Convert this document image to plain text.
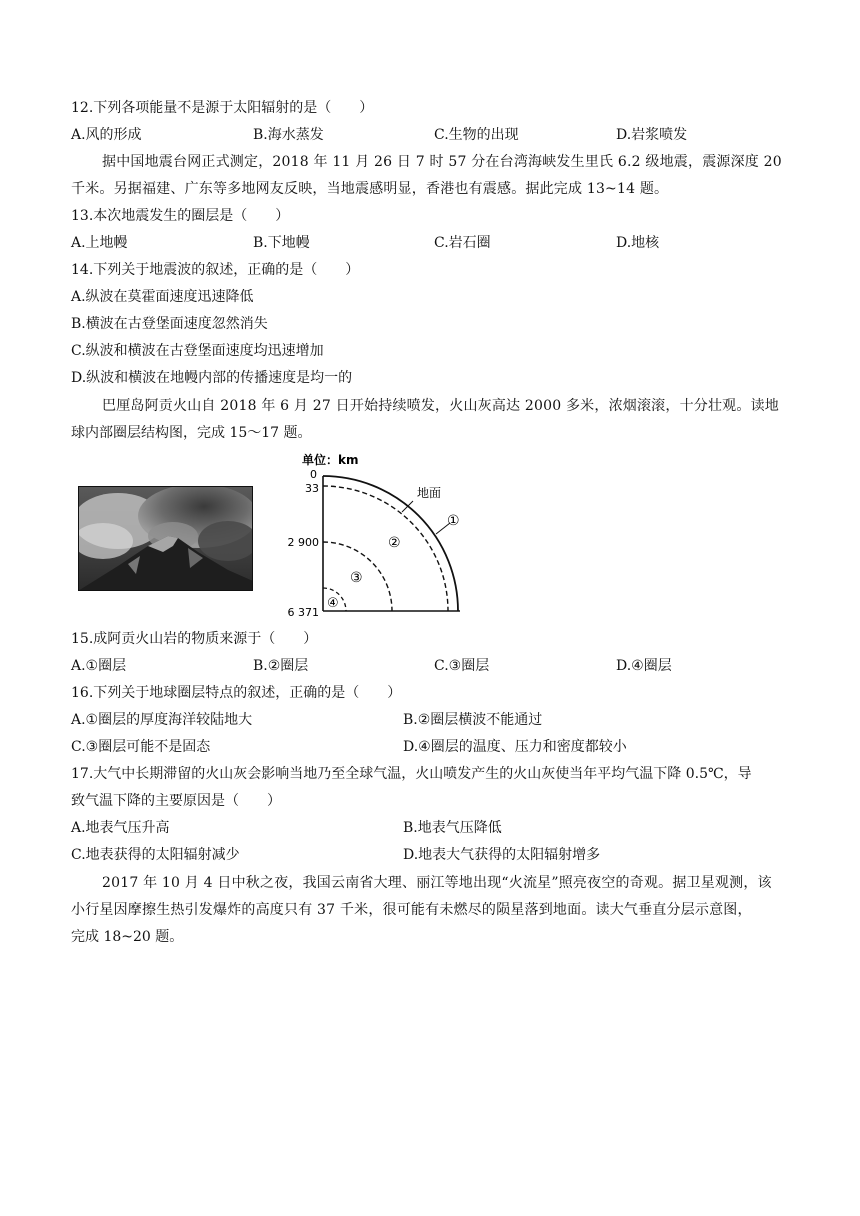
12.下列各项能量不是源于太阳辐射的是（　　）
A.风的形成	B.海水蒸发	C.生物的出现	D.岩浆喷发
据中国地震台网正式测定，2018 年 11 月 26 日 7 时 57 分在台湾海峡发生里氏 6.2 级地震，震源深度 20
千米。另据福建、广东等多地网友反映，当地震感明显，香港也有震感。据此完成 13~14 题。
13.本次地震发生的圈层是（　　）
A.上地幔	B.下地幔	C.岩石圈	D.地核
14.下列关于地震波的叙述，正确的是（　　）
A.纵波在莫霍面速度迅速降低
B.横波在古登堡面速度忽然消失
C.纵波和横波在古登堡面速度均迅速增加
D.纵波和横波在地幔内部的传播速度是均一的
巴厘岛阿贡火山自 2018 年 6 月 27 日开始持续喷发，火山灰高达 2000 多米，浓烟滚滚，十分壮观。读地
球内部圈层结构图，完成 15～17 题。
单位：km
0
33
2 900
6 371
地面
①
②
③
④
15.成阿贡火山岩的物质来源于（　　）
A.①圈层	B.②圈层	C.③圈层	D.④圈层
16.下列关于地球圈层特点的叙述，正确的是（　　）
A.①圈层的厚度海洋较陆地大	B.②圈层横波不能通过
C.③圈层可能不是固态	D.④圈层的温度、压力和密度都较小
17.大气中长期滞留的火山灰会影响当地乃至全球气温，火山喷发产生的火山灰使当年平均气温下降 0.5℃，导
致气温下降的主要原因是（　　）
A.地表气压升高	B.地表气压降低
C.地表获得的太阳辐射减少	D.地表大气获得的太阳辐射增多
2017 年 10 月 4 日中秋之夜，我国云南省大理、丽江等地出现“火流星”照亮夜空的奇观。据卫星观测，该
小行星因摩擦生热引发爆炸的高度只有 37 千米，很可能有未燃尽的陨星落到地面。读大气垂直分层示意图，
完成 18~20 题。
